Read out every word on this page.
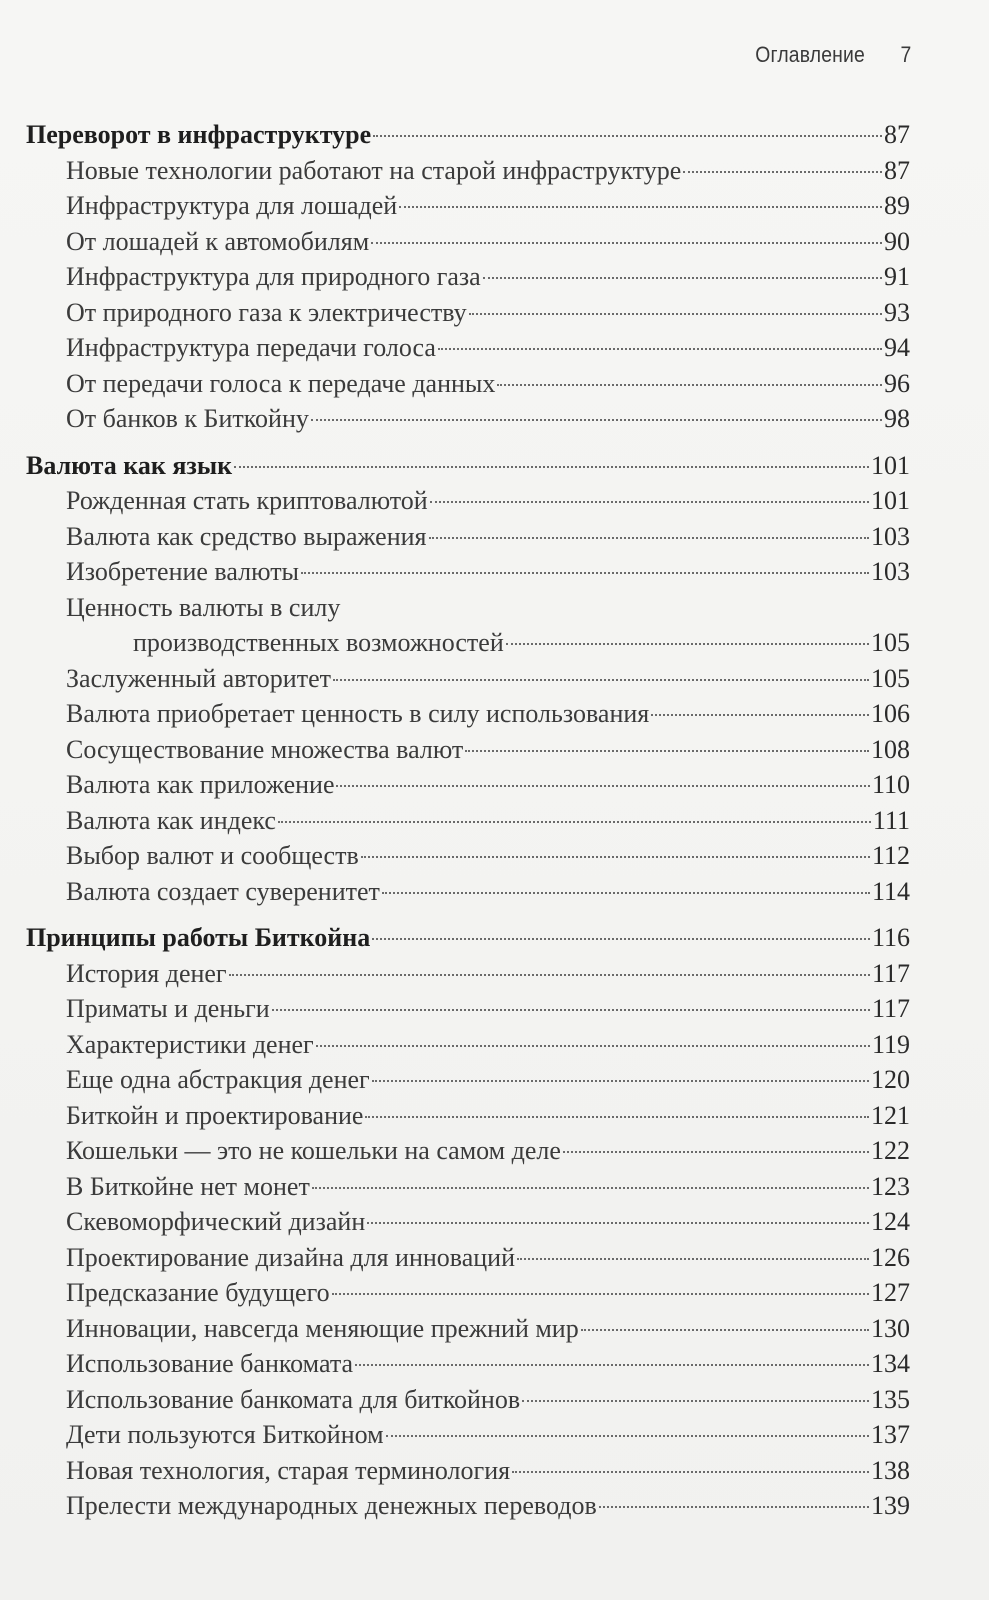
Оглавление 7
Переворот в инфраструктуре	87
Новые технологии работают на старой инфраструктуре	87
Инфраструктура для лошадей	89
От лошадей к автомобилям	90
Инфраструктура для природного газа	91
От природного газа к электричеству	93
Инфраструктура передачи голоса	94
От передачи голоса к передаче данных	96
От банков к Биткойну	98
Валюта как язык	101
Рожденная стать криптовалютой	101
Валюта как средство выражения	103
Изобретение валюты	103
Ценность валюты в силу
производственных возможностей	105
Заслуженный авторитет	105
Валюта приобретает ценность в силу использования	106
Сосуществование множества валют	108
Валюта как приложение	110
Валюта как индекс	111
Выбор валют и сообществ	112
Валюта создает суверенитет	114
Принципы работы Биткойна	116
История денег	117
Приматы и деньги	117
Характеристики денег	119
Еще одна абстракция денег	120
Биткойн и проектирование	121
Кошельки — это не кошельки на самом деле	122
В Биткойне нет монет	123
Скевоморфический дизайн	124
Проектирование дизайна для инноваций	126
Предсказание будущего	127
Инновации, навсегда меняющие прежний мир	130
Использование банкомата	134
Использование банкомата для биткойнов	135
Дети пользуются Биткойном	137
Новая технология, старая терминология	138
Прелести международных денежных переводов	139
